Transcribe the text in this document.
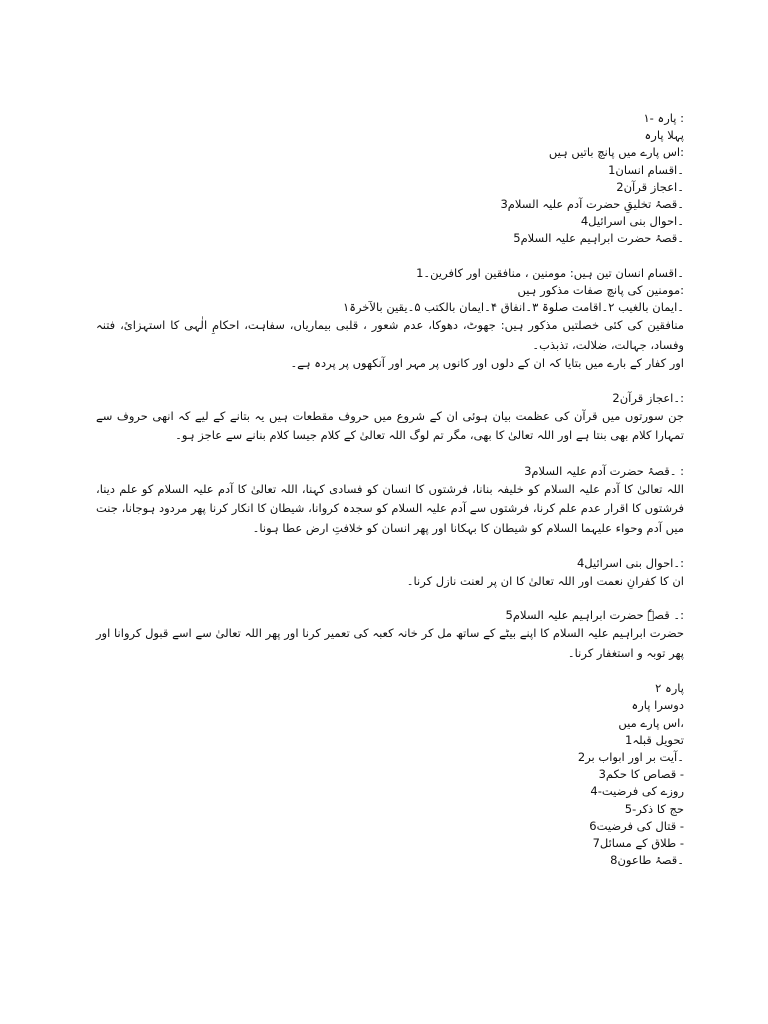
: پارہ -١
پہلا پارہ
:اس پارے میں پانچ باتیں ہیں
۔اقسام انسان1
۔اعجاز قرآن2
۔قصۂ تخلیقِ حضرت آدم علیہ السلام3
۔احوال بنی اسرائیل4
۔قصۂ حضرت ابراہیم علیہ السلام5
۔اقسام انسان تین ہیں: مومنین ، منافقین اور کافرین۔1
:مومنین کی پانچ صفات مذکور ہیں
۔ایمان بالغیب ۲۔اقامت صلوۃ ۳۔انفاق ۴۔ایمان بالکتب ۵۔یقین بالآخرۃ١
منافقین کی کئی خصلتیں مذکور ہیں: جھوٹ، دھوکا، عدم شعور ، قلبی بیماریاں، سفاہت، احکامِ الٰہی کا استہزائ، فتنہ وفساد، جہالت، ضلالت، تذبذب۔
اور کفار کے بارے میں بتایا کہ ان کے دلوں اور کانوں پر مہر اور آنکھوں پر پردہ ہے۔
:۔اعجاز قرآن2
جن سورتوں میں قرآن کی عظمت بیان ہوئی ان کے شروع میں حروف مقطعات ہیں یہ بتانے کے لیے کہ انھی حروف سے تمہارا کلام بھی بنتا ہے اور اللہ تعالیٰ کا بھی، مگر تم لوگ اللہ تعالیٰ کے کلام جیسا کلام بنانے سے عاجز ہو۔
: ۔قصۂ حضرت آدم علیہ السلام3
اللہ تعالیٰ کا آدم علیہ السلام کو خلیفہ بنانا، فرشتوں کا انسان کو فسادی کہنا، اللہ تعالیٰ کا آدم علیہ السلام کو علم دینا، فرشتوں کا اقرار عدم علم کرنا، فرشتوں سے آدم علیہ السلام کو سجدہ کروانا، شیطان کا انکار کرنا پھر مردود ہوجانا، جنت میں آدم وحواء علیہما السلام کو شیطان کا بہکانا اور پھر انسان کو خلافتِ ارض عطا ہونا۔
:۔احوال بنی اسرائیل4
ان کا کفرانِ نعمت اور اللہ تعالیٰ کا ان پر لعنت نازل کرنا۔
:۔ قصہٗ حضرت ابراہیم علیہ السلام5
حضرت ابراہیم علیہ السلام کا اپنے بیٹے کے ساتھ مل کر خانہ کعبہ کی تعمیر کرنا اور پھر اللہ تعالیٰ سے اسے قبول کروانا اور پھر توبہ و استغفار کرنا۔
پارہ ٢
دوسرا پارہ
،اس پارے میں
تحویل قبلہ1
۔آیت بر اور ابواب بر2
- قصاص کا حکم3
روزے کی فرضیت-4
حج کا ذکر-5
- قتال کی فرضیت6
- طلاق کے مسائل7
۔قصۂ طاعون8
